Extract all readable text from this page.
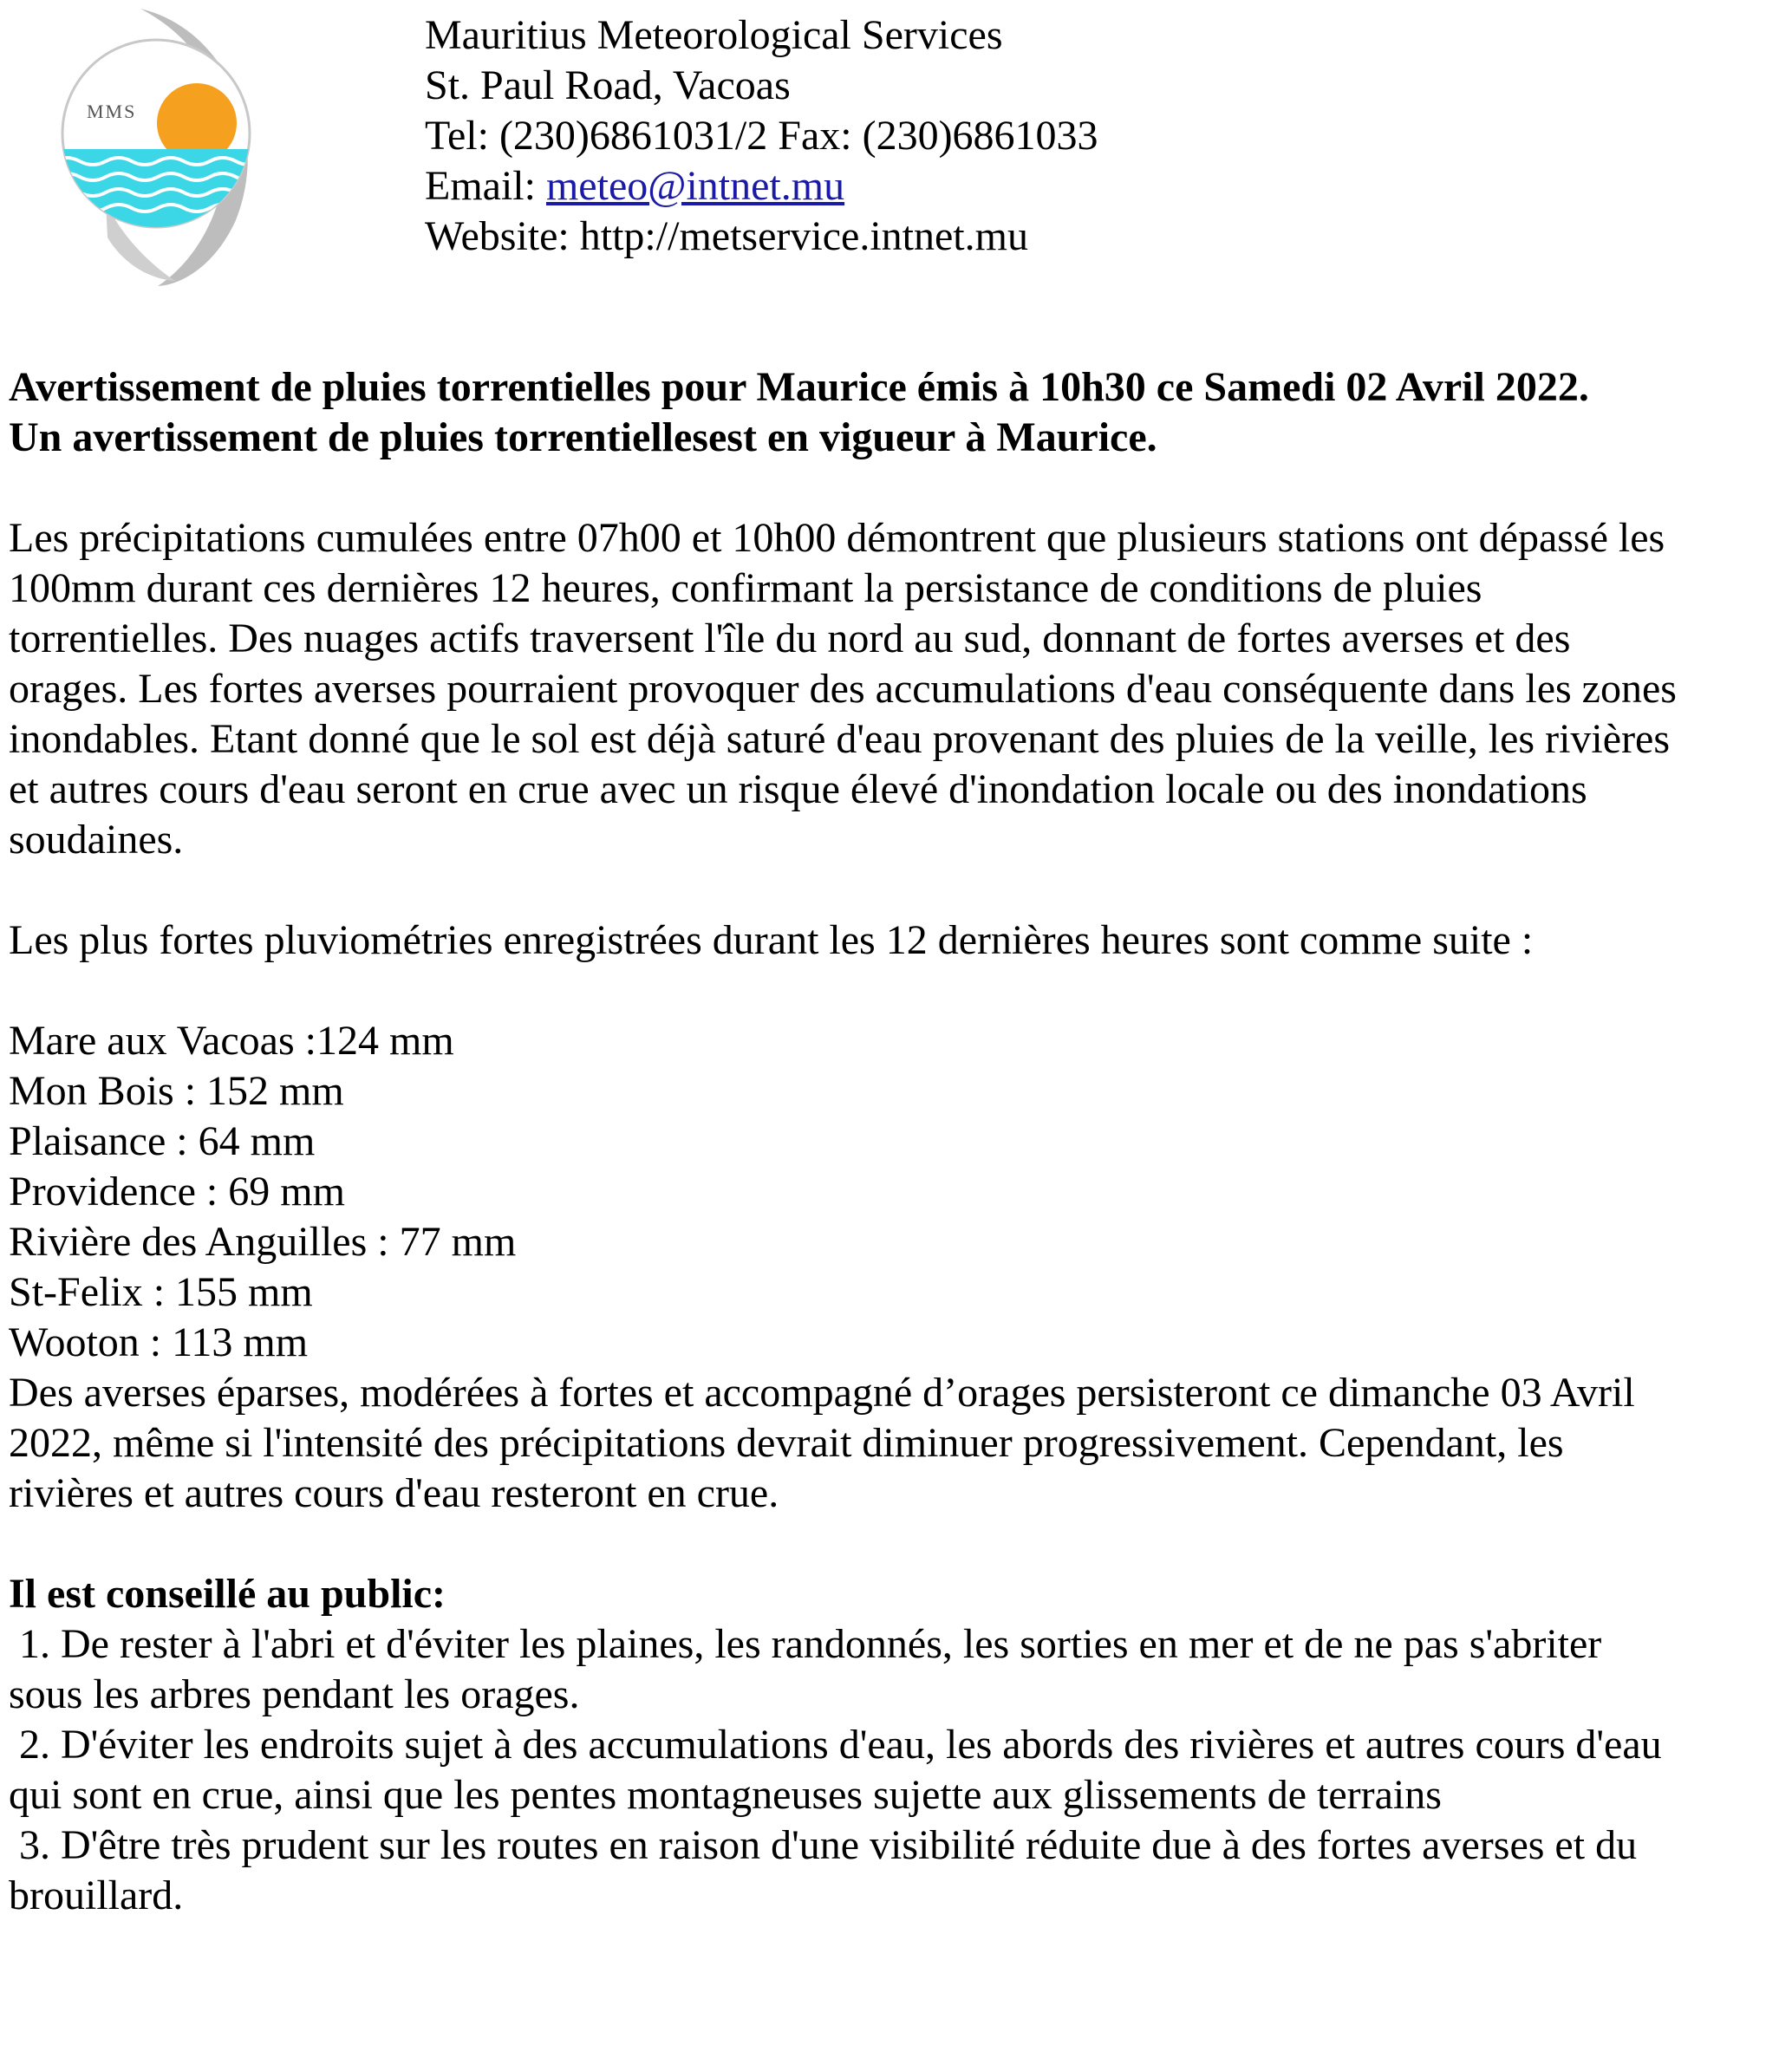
MMS
Mauritius Meteorological Services
St. Paul Road, Vacoas
Tel: (230)6861031/2 Fax: (230)6861033
Email: meteo@intnet.mu
Website: http://metservice.intnet.mu
Avertissement de pluies torrentielles pour Maurice émis à 10h30 ce Samedi 02 Avril 2022.
Un avertissement de pluies torrentiellesest en vigueur à Maurice.
Les précipitations cumulées entre 07h00 et 10h00 démontrent que plusieurs stations ont dépassé les
100mm durant ces dernières 12 heures, confirmant la persistance de conditions de pluies
torrentielles. Des nuages actifs traversent l'île du nord au sud, donnant de fortes averses et des
orages. Les fortes averses pourraient provoquer des accumulations d'eau conséquente dans les zones
inondables. Etant donné que le sol est déjà saturé d'eau provenant des pluies de la veille, les rivières
et autres cours d'eau seront en crue avec un risque élevé d'inondation locale ou des inondations
soudaines.
Les plus fortes pluviométries enregistrées durant les 12 dernières heures sont comme suite :
Mare aux Vacoas :124 mm
Mon Bois : 152 mm
Plaisance : 64 mm
Providence : 69 mm
Rivière des Anguilles : 77 mm
St-Felix : 155 mm
Wooton : 113 mm
Des averses éparses, modérées à fortes et accompagné d’orages persisteront ce dimanche 03 Avril
2022, même si l'intensité des précipitations devrait diminuer progressivement. Cependant, les
rivières et autres cours d'eau resteront en crue.
Il est conseillé au public:
1. De rester à l'abri et d'éviter les plaines, les randonnés, les sorties en mer et de ne pas s'abriter
sous les arbres pendant les orages.
2. D'éviter les endroits sujet à des accumulations d'eau, les abords des rivières et autres cours d'eau
qui sont en crue, ainsi que les pentes montagneuses sujette aux glissements de terrains
3. D'être très prudent sur les routes en raison d'une visibilité réduite due à des fortes averses et du
brouillard.
